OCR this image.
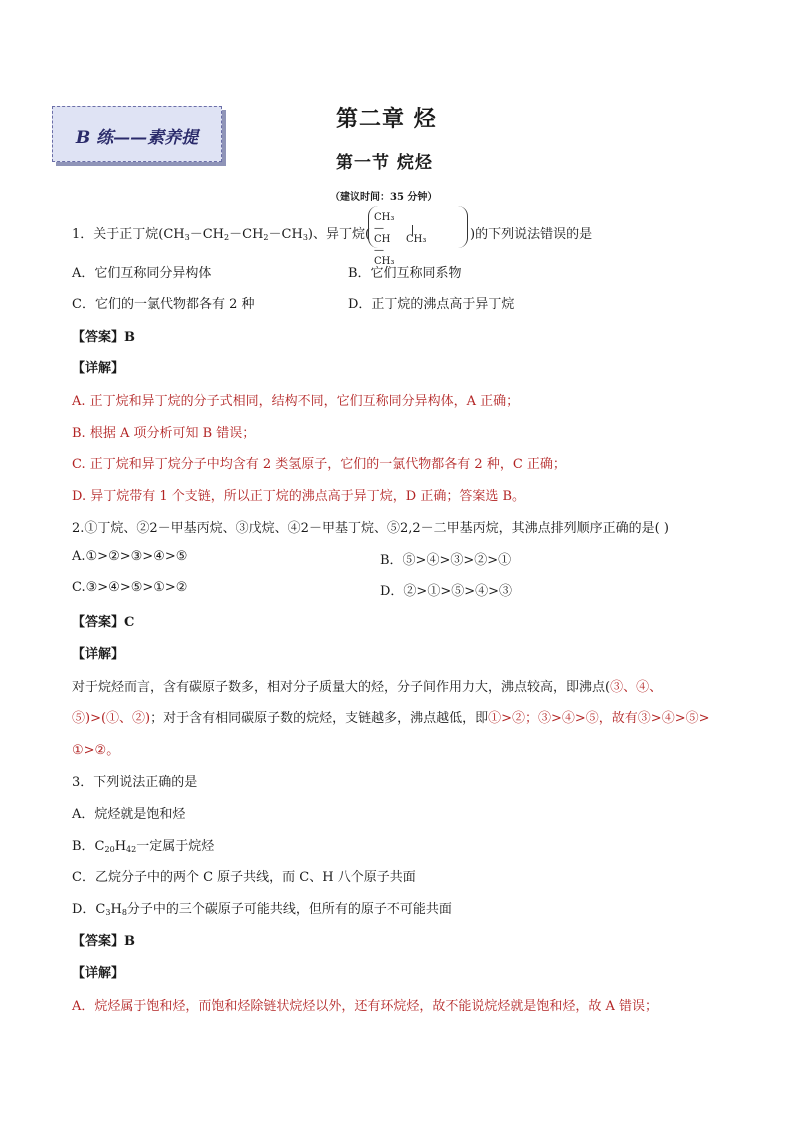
B 练——素养提
第二章 烃
第一节 烷烃
（建议时间：35 分钟）
1．关于正丁烷$(CH_3-CH_2-CH_2-CH_3)$、异丁烷(
CH₃—CH—CH₃
CH₃	)的下列说法错误的是
A．它们互称同分异构体	B．它们互称同系物
C．它们的一氯代物都各有 2 种	D．正丁烷的沸点高于异丁烷
【答案】B
【详解】
A. 正丁烷和异丁烷的分子式相同，结构不同，它们互称同分异构体，A 正确；
B. 根据 A 项分析可知 B 错误；
C. 正丁烷和异丁烷分子中均含有 2 类氢原子，它们的一氯代物都各有 2 种，C 正确；
D. 异丁烷带有 1 个支链，所以正丁烷的沸点高于异丁烷，D 正确；答案选 B。
2.①丁烷、②2－甲基丙烷、③戊烷、④2－甲基丁烷、⑤2,2－二甲基丙烷，其沸点排列顺序正确的是( )
A.①>②>③>④>⑤	B．⑤>④>③>②>①
C.③>④>⑤>①>②	D．②>①>⑤>④>③
【答案】C
【详解】
对于烷烃而言，含有碳原子数多，相对分子质量大的烃，分子间作用力大，沸点较高，即沸点(③、④、
⑤)>(①、②)；对于含有相同碳原子数的烷烃，支链越多，沸点越低，即①>②；③>④>⑤，故有③>④>⑤>
①>②。
3．下列说法正确的是
A．烷烃就是饱和烃
B．$C_{20}H_{42}$一定属于烷烃
C．乙烷分子中的两个 C 原子共线，而 C、H 八个原子共面
D．$C_3H_8$分子中的三个碳原子可能共线，但所有的原子不可能共面
【答案】B
【详解】
A．烷烃属于饱和烃，而饱和烃除链状烷烃以外，还有环烷烃，故不能说烷烃就是饱和烃，故 A 错误；
